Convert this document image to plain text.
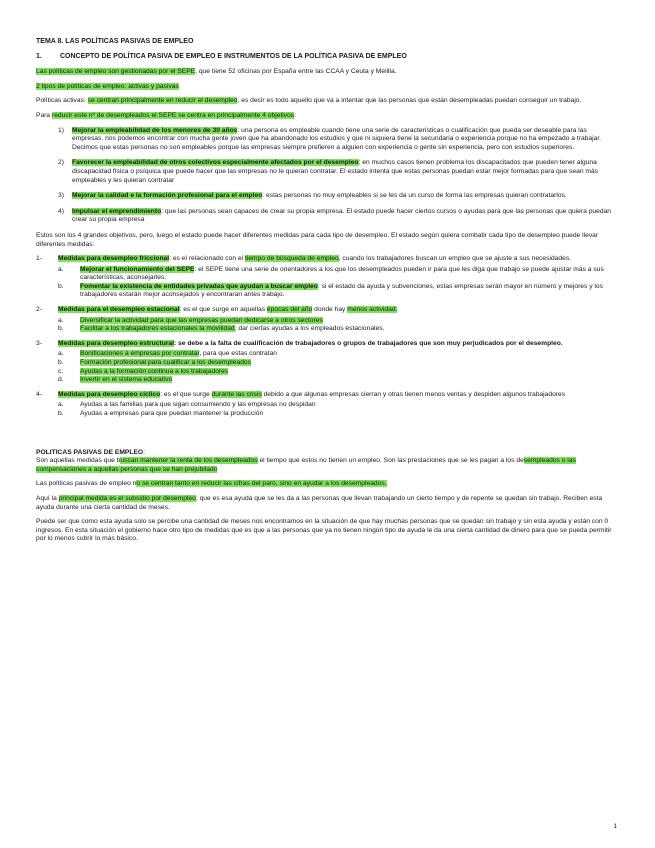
TEMA 8. LAS POLÍTICAS PASIVAS DE EMPLEO
1.	CONCEPTO DE POLÍTICA PASIVA DE EMPLEO E INSTRUMENTOS DE LA POLÍTICA PASIVA DE EMPLEO

Las políticas de empleo son gestionadas por el SEPE, que tiene 52 oficinas por España entre las CCAA y Ceuta y Melilla.

2 tipos de políticas de empleo: activas y pasivas

Políticas activas: se centran principalmente en reducir el desempleo, es decir es todo aquello que va a intentar que las personas que están desempleadas puedan conseguir un trabajo.

Para reducir este nº de desempleados el SEPE se centra en principalmente 4 objetivos:

1)	Mejorar la empleabilidad de los menores de 30 años: una persona es empleable cuando tiene una serie de características o cualificación que pueda ser deseable para las empresas. nos podemos encontrar con mucha gente joven que ha abandonado los estudios y que ni siquiera tiene la secundaria o experiencia porque no ha empezado a trabajar. Decimos que estas personas no son empleables porque las empresas siempre prefieren a alguien con experiencia o gente sin experiencia, pero con estudios superiores.
2)	Favorecer la empleabilidad de otros colectivos especialmente afectados por el desempleo: en muchos casos tienen problema los discapacitados que pueden tener alguna discapacidad física o psíquica que puede hacer que las empresas no le quieran contratar. El estado intenta que estas personas puedan estar mejor formadas para que sean más empleables y les quieran contratar
3)	Mejorar la calidad e la formación profesional para el empleo: estas personas no muy empleables si se les da un curso de forma las empresas quieran contratarlos.
4)	Impulsar el emprendimiento: que las personas sean capaces de crear su propia empresa. El estado puede hacer ciertos cursos o ayudas para que las personas que quiera puedan crear su propia empresa

Estos son los 4 grandes objetivos, pero, luego el estado puede hacer diferentes medidas para cada tipo de desempleo. El estado según quiera combatir cada tipo de desempleo puede llevar diferentes medidas:

1-	Medidas para desempleo friccional: es el relacionado con el tiempo de búsqueda de empleo, cuando los trabajadores buscan un empleo que se ajuste a sus necesidades.
a.	Mejorar el funcionamiento del SEPE: el SEPE tiene una serie de orientadores a los que los desempleados pueden ir para que les diga que trabajo se puede ajustar más a sus características, aconsejarles.
b.	Fomentar la existencia de entidades privadas que ayudan a buscar empleo: si el estado da ayuda y subvenciones, estas empresas serán mayor en número y mejores y los trabajadores estarán mejor aconsejados y encontraran antes trabajo.
2-	Medidas para el desempleo estacional: es el que surge en aquellas épocas del año donde hay menos actividad.
a.	Diversificar la actividad para que las empresas puedan dedicarse a otros sectores
b.	Facilitar a los trabajadores estacionales la movilidad; dar ciertas ayudas a los empleados estacionales.
3-	Medidas para desempleo estructural: se debe a la falta de cualificación de trabajadores o grupos de trabajadores que son muy perjudicados por el desempleo.
a.	Bonificaciones a empresas por contratar, para que estas contratan
b.	Formación profesional para cualificar a los desempleados
c.	Ayudas a la formación continua a los trabajadores
d.	Invertir en el sistema educativo
4-	Medidas para desempleo cíclico: es el que surge durante las crisis debido a que algunas empresas cierran y otras tienen menos ventas y despiden algunos trabajadores
a.	Ayudas a las familias para que sigan consumiendo y las empresas no despidan
b.	Ayudas a empresas para que puedan mantener la producción
POLITICAS PASIVAS DE EMPLEO:

Son aquellas medidas que buscan mantener la renta de los desempleados el tiempo que estos no tienen un empleo. Son las prestaciones que se les pagan a los desempleados o las compensaciones a aquellas personas que se han prejubilado

Las políticas pasivas de empleo no se centran tanto en reducir las cifras del paro, sino en ayudar a los desempleados.

Aquí la principal medida es el subsidio por desempleo; que es esa ayuda que se les da a las personas que llevan trabajando un cierto tiempo y de repente se quedan sin trabajo. Reciben esta ayuda durante una cierta cantidad de meses.

Puede ser que como esta ayuda solo se percibe una cantidad de meses nos encontramos en la situación de que hay muchas personas que se quedan sin trabajo y sin esta ayuda y están con 0 ingresos. En esta situación el gobierno hace otro tipo de medidas que es que a las personas que ya no tienen ningún tipo de ayuda le da una cierta cantidad de dinero para que se pueda permitir por lo menos cubrir lo más básico.

1
